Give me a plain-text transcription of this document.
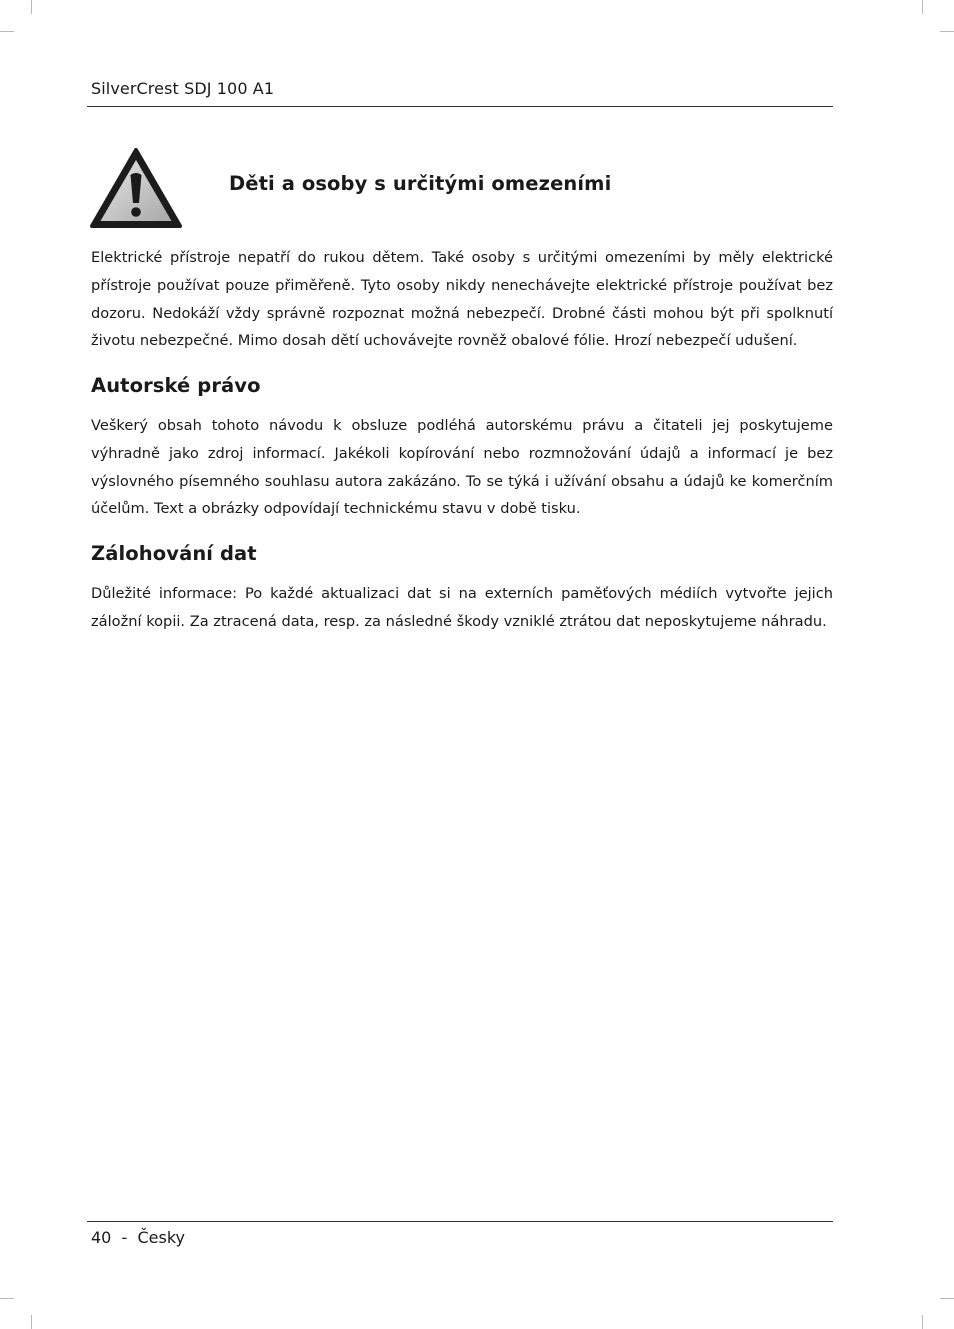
SilverCrest SDJ 100 A1
Děti a osoby s určitými omezeními

Elektrické přístroje nepatří do rukou dětem. Také osoby s určitými omezeními by měly elektrické přístroje používat pouze přiměřeně. Tyto osoby nikdy nenechávejte elektrické přístroje používat bez dozoru. Nedokáží vždy správně rozpoznat možná nebezpečí. Drobné části mohou být při spolknutí životu nebezpečné. Mimo dosah dětí uchovávejte rovněž obalové fólie. Hrozí nebezpečí udušení.

Autorské právo

Veškerý obsah tohoto návodu k obsluze podléhá autorskému právu a čitateli jej poskytujeme výhradně jako zdroj informací. Jakékoli kopírování nebo rozmnožování údajů a informací je bez výslovného písemného souhlasu autora zakázáno. To se týká i užívání obsahu a údajů ke komerčním účelům. Text a obrázky odpovídají technickému stavu v době tisku.

Zálohování dat

Důležité informace: Po každé aktualizaci dat si na externích paměťových médiích vytvořte jejich záložní kopii. Za ztracená data, resp. za následné škody vzniklé ztrátou dat neposkytujeme náhradu.

40  -  Česky
